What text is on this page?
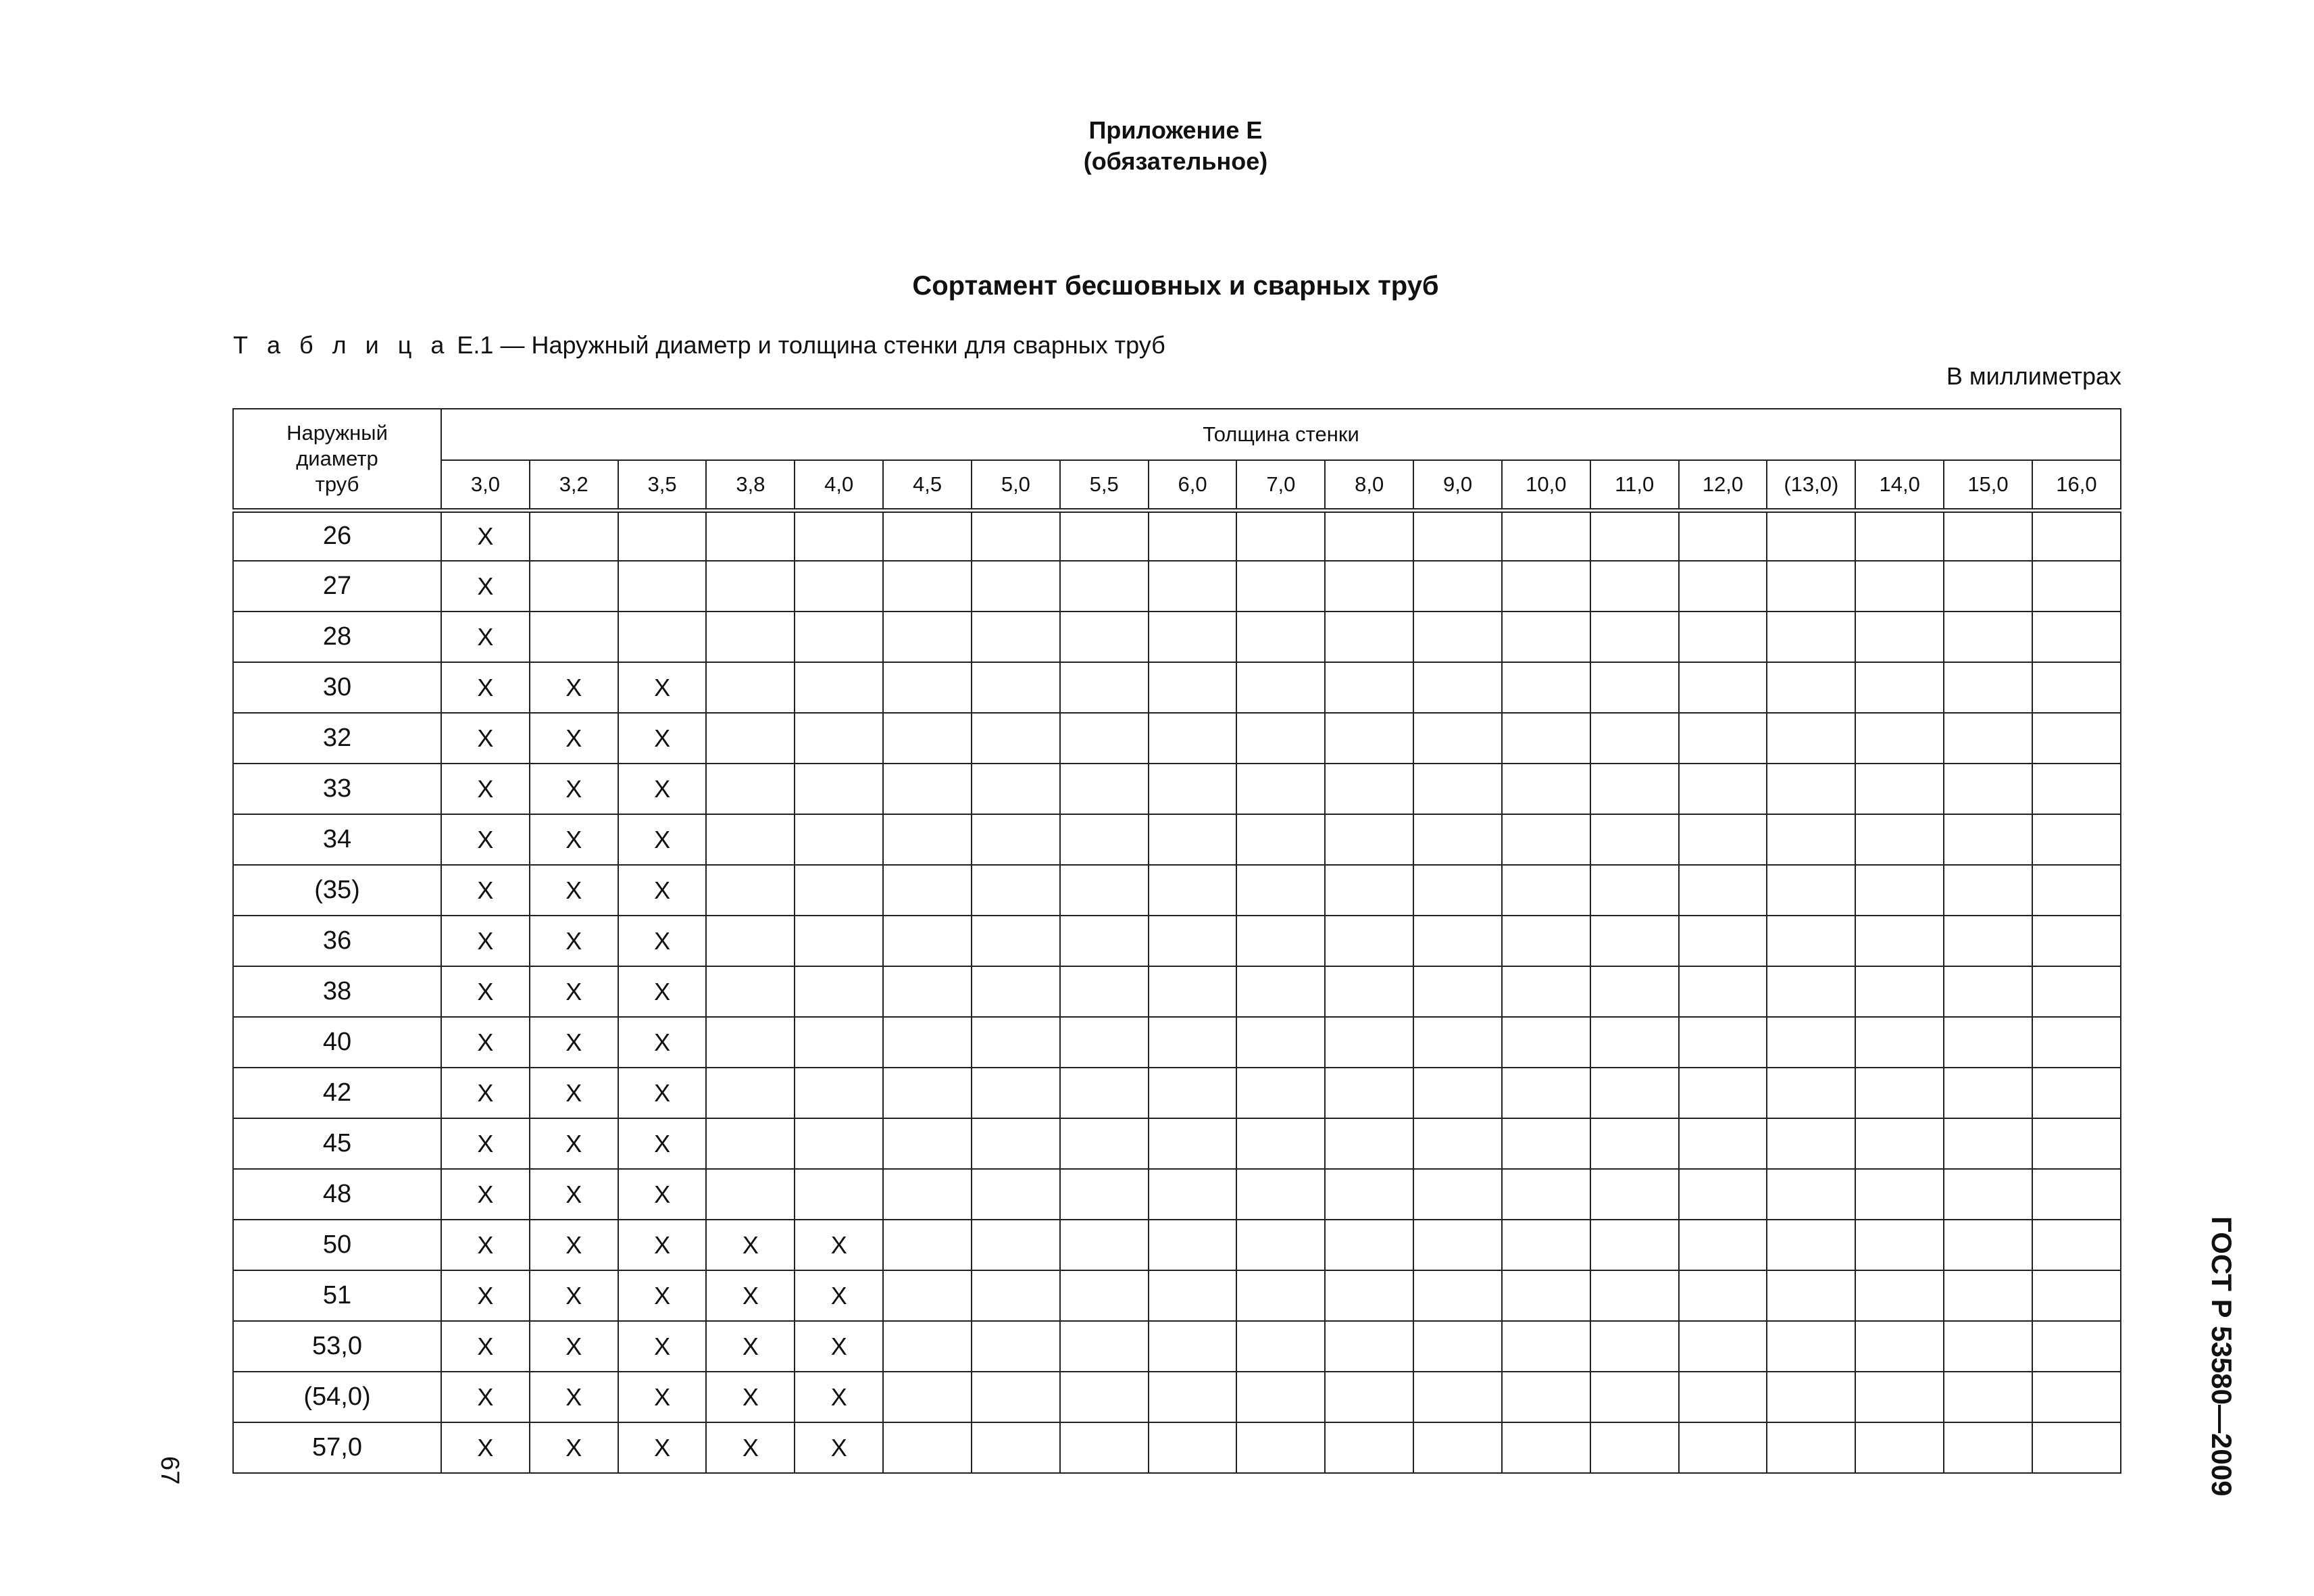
Приложение Е
(обязательное)
Сортамент бесшовных и сварных труб
Т а б л и ц а Е.1 — Наружный диаметр и толщина стенки для сварных труб
В миллиметрах
Наружный
диаметр
труб	Толщина стенки																		
	3,0	3,2	3,5	3,8	4,0	4,5	5,0	5,5	6,0	7,0	8,0	9,0	10,0	11,0	12,0	(13,0)	14,0	15,0	16,0
26	X																		
27	X																		
28	X																		
30	X	X	X																
32	X	X	X																
33	X	X	X																
34	X	X	X																
(35)	X	X	X																
36	X	X	X																
38	X	X	X																
40	X	X	X																
42	X	X	X																
45	X	X	X																
48	X	X	X																
50	X	X	X	X	X														
51	X	X	X	X	X														
53,0	X	X	X	X	X														
(54,0)	X	X	X	X	X														
57,0	X	X	X	X	X														
67	ГОСТ Р 53580—2009
